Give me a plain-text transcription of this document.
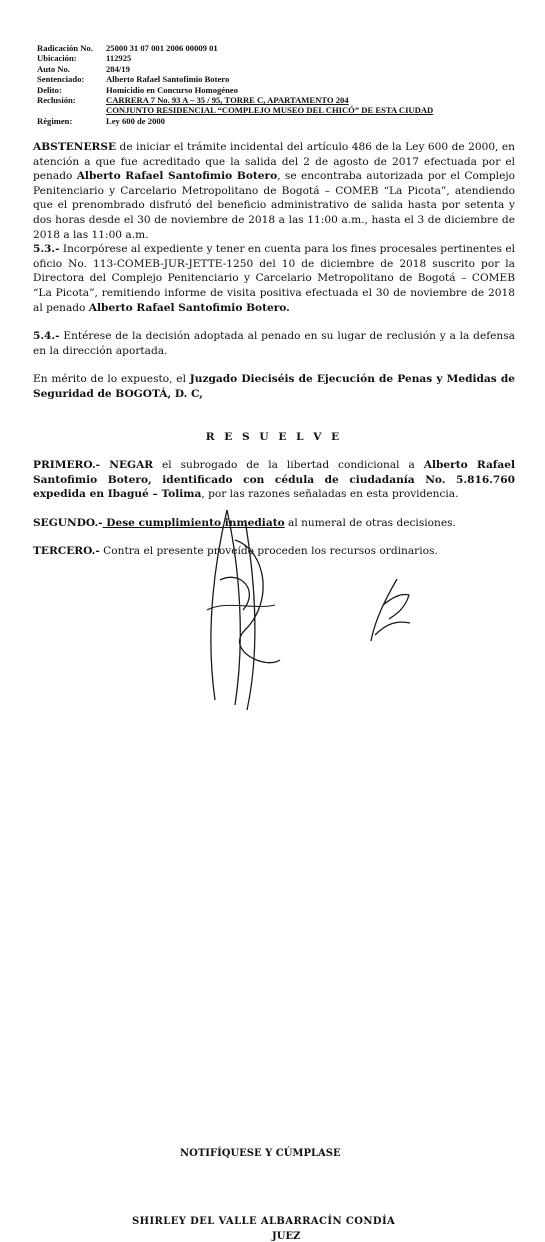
Radicación No.	25000 31 07 001 2006 00009 01
Ubicación:	112925
Auto No.	284/19
Sentenciado:	Alberto Rafael Santofimio Botero
Delito:	Homicidio en Concurso Homogéneo
Reclusión:	CARRERA 7 No. 93 A – 35 / 95, TORRE C, APARTAMENTO 204
CONJUNTO RESIDENCIAL “COMPLEJO MUSEO DEL CHICÓ” DE ESTA CIUDAD
Régimen:	Ley 600 de 2000

ABSTENERSE de iniciar el trámite incidental del artículo 486 de la Ley 600 de 2000, en atención a que fue acreditado que la salida del 2 de agosto de 2017 efectuada por el penado Alberto Rafael Santofimio Botero, se encontraba autorizada por el Complejo Penitenciario y Carcelario Metropolitano de Bogotá – COMEB “La Picota”, atendiendo que el prenombrado disfrutó del beneficio administrativo de salida hasta por setenta y dos horas desde el 30 de noviembre de 2018 a las 11:00 a.m., hasta el 3 de diciembre de 2018 a las 11:00 a.m.

5.3.- Incorpórese al expediente y tener en cuenta para los fines procesales pertinentes el oficio No. 113-COMEB-JUR-JETTE-1250 del 10 de diciembre de 2018 suscrito por la Directora del Complejo Penitenciario y Carcelario Metropolitano de Bogotá – COMEB “La Picota”, remitiendo informe de visita positiva efectuada el 30 de noviembre de 2018 al penado Alberto Rafael Santofimio Botero.

5.4.- Entérese de la decisión adoptada al penado en su lugar de reclusión y a la defensa en la dirección aportada.

En mérito de lo expuesto, el Juzgado Dieciséis de Ejecución de Penas y Medidas de Seguridad de BOGOTÁ, D. C,

R E S U E L V E

PRIMERO.- NEGAR el subrogado de la libertad condicional a Alberto Rafael Santofimio Botero, identificado con cédula de ciudadanía No. 5.816.760 expedida en Ibagué – Tolima, por las razones señaladas en esta providencia.

SEGUNDO.- Dese cumplimiento inmediato al numeral de otras decisiones.

TERCERO.- Contra el presente proveído proceden los recursos ordinarios.

NOTIFÍQUESE Y CÚMPLASE
SHIRLEY DEL VALLE ALBARRACÍN CONDÍA
JUEZ
